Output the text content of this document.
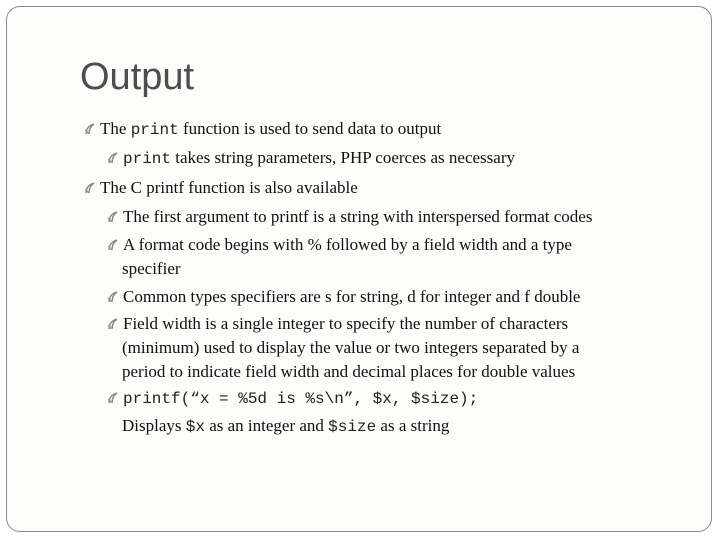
Output
The print function is used to send data to output
print takes string parameters, PHP coerces as necessary
The C printf function is also available
The first argument to printf is a string with interspersed format codes
A format code begins with % followed by a field width and a type
specifier
Common types specifiers are s for string, d for integer and f double
Field width is a single integer to specify the number of characters
(minimum) used to display the value or two integers separated by a
period to indicate field width and decimal places for double values
printf(“x = %5d is %s\n”, $x, $size);
Displays $x as an integer and $size as a string
